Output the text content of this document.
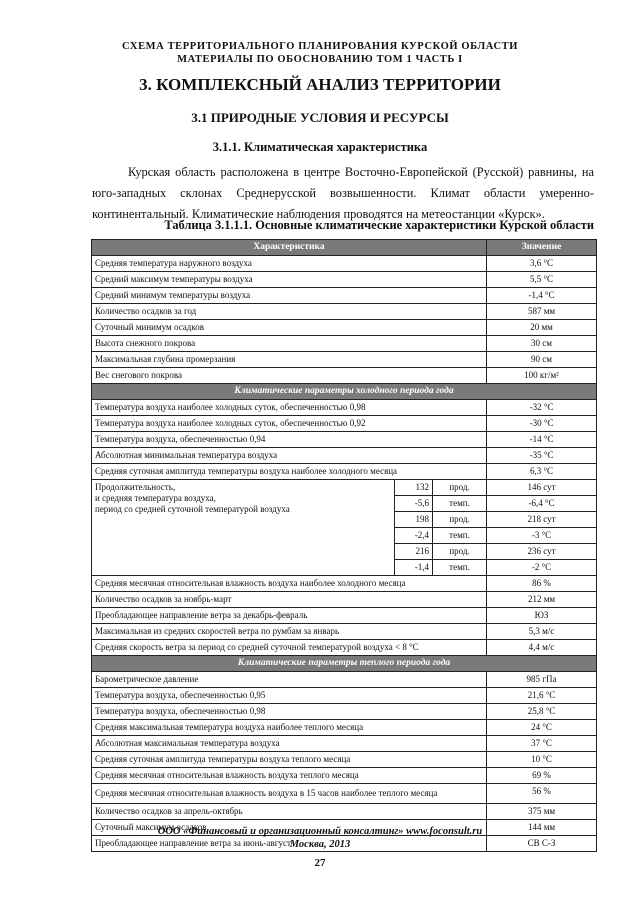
СХЕМА ТЕРРИТОРИАЛЬНОГО ПЛАНИРОВАНИЯ КУРСКОЙ ОБЛАСТИ
МАТЕРИАЛЫ ПО ОБОСНОВАНИЮ ТОМ 1 ЧАСТЬ I
3. КОМПЛЕКСНЫЙ АНАЛИЗ ТЕРРИТОРИИ
3.1 ПРИРОДНЫЕ УСЛОВИЯ И РЕСУРСЫ
3.1.1. Климатическая характеристика

Курская область расположена в центре Восточно-Европейской (Русской) равнины, на юго-западных склонах Среднерусской возвышенности. Климат области умеренно-континентальный. Климатические наблюдения проводятся на метеостанции «Курск».

Таблица 3.1.1.1. Основные климатические характеристики Курской области
Характеристика			Значение
Средняя температура наружного воздуха			3,6 °С
Средний максимум температуры воздуха			5,5 °С
Средний минимум температуры воздуха			-1,4 °С
Количество осадков за год			587 мм
Суточный минимум осадков			20 мм
Высота снежного покрова			30 см
Максимальная глубина промерзания			90 см
Вес снегового покрова			100 кг/м²
Климатические параметры холодного периода года			
Температура воздуха наиболее холодных суток, обеспеченностью 0,98			-32 °С
Температура воздуха наиболее холодных суток, обеспеченностью 0,92			-30 °С
Температура воздуха, обеспеченностью 0,94			-14 °С
Абсолютная минимальная температура воздуха			-35 °С
Средняя суточная амплитуда температуры воздуха наиболее холодного месяца			6,3 °С

Продолжительность,
и средняя температура воздуха,
период со средней суточной температурой воздуха	132	прод.	146 сут
	-5,6	темп.	-6,4 °С
	198	прод.	218 сут
	-2,4	темп.	-3 °С
	216	прод.	236 сут
	-1,4	темп.	-2 °С
Средняя месячная относительная влажность воздуха наиболее холодного месяца			86 %
Количество осадков за ноябрь-март			212 мм
Преобладающее направление ветра за декабрь-февраль			ЮЗ
Максимальная из средних скоростей ветра по румбам за январь			5,3 м/с
Средняя скорость ветра за период со средней суточной температурой воздуха < 8 °С			4,4 м/с
Климатические параметры теплого периода года			
Барометрическое давление			985 гПа
Температура воздуха, обеспеченностью 0,95			21,6 °С
Температура воздуха, обеспеченностью 0,98			25,8 °С
Средняя максимальная температура воздуха наиболее теплого месяца			24 °С
Абсолютная максимальная температура воздуха			37 °С
Средняя суточная амплитуда температуры воздуха теплого месяца			10 °С
Средняя месячная относительная влажность воздуха теплого месяца			69 %
Средняя месячная относительная влажность воздуха в 15 часов наиболее теплого месяца			56 %
Количество осадков за апрель-октябрь			375 мм
Суточный максимум осадков			144 мм
Преобладающее направление ветра за июнь-август			СВ С-З
ООО «Финансовый и организационный консалтинг» www.foconsult.ru
Москва, 2013
27
